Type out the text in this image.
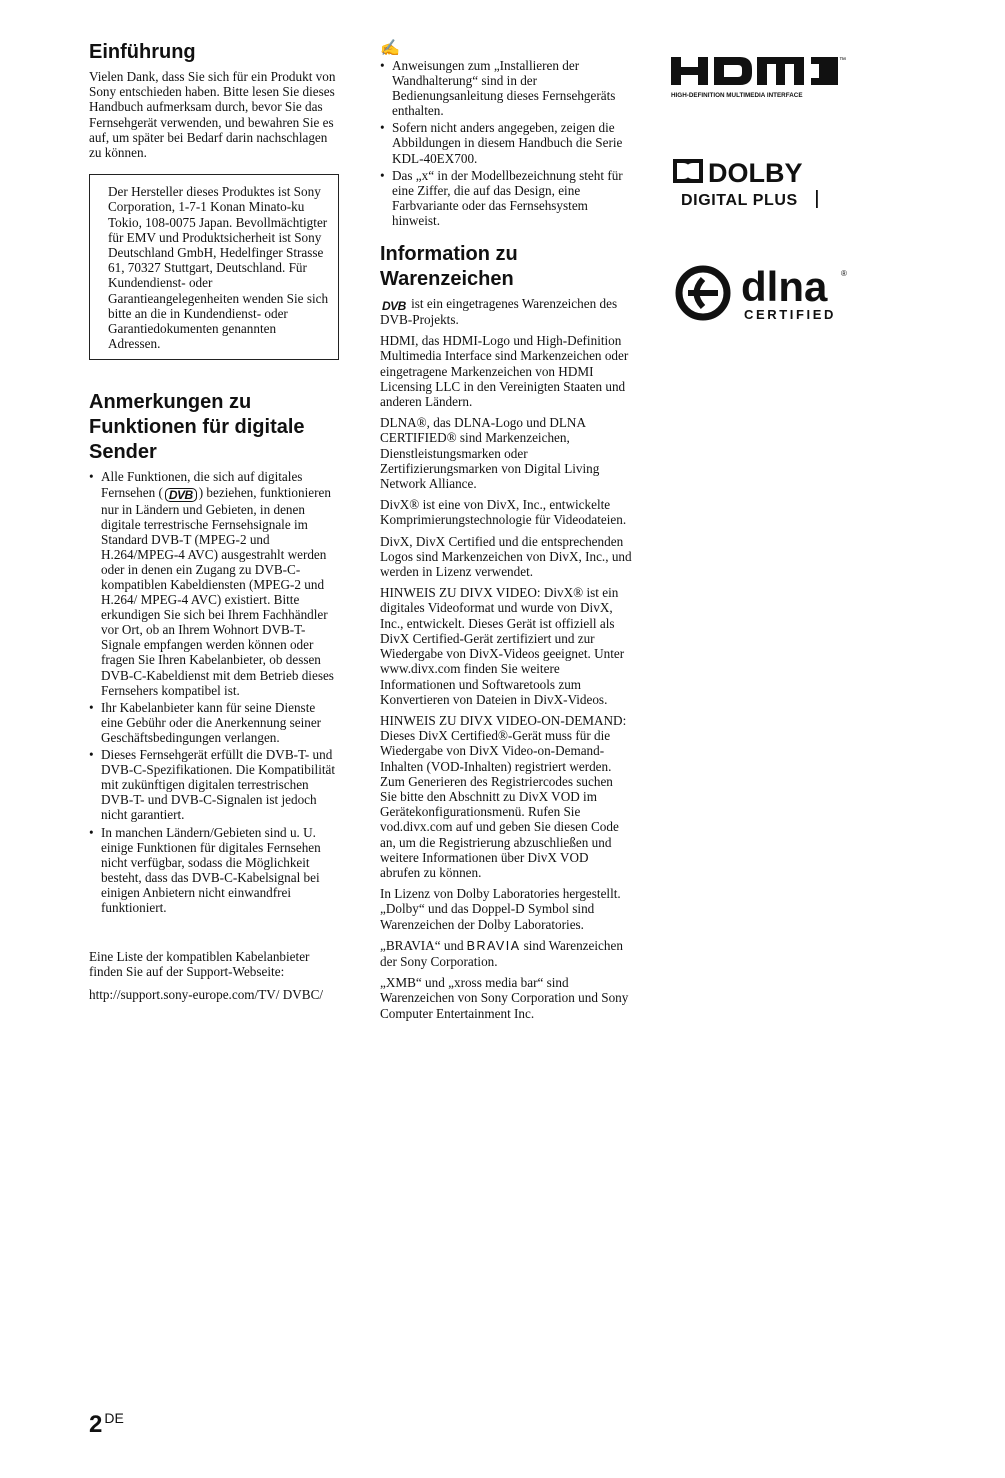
Einführung

Vielen Dank, dass Sie sich für ein Produkt von Sony entschieden haben. Bitte lesen Sie dieses Handbuch aufmerksam durch, bevor Sie das Fernsehgerät verwenden, und bewahren Sie es auf, um später bei Bedarf darin nachschlagen zu können.

Der Hersteller dieses Produktes ist Sony Corporation, 1-7-1 Konan Minato-ku Tokio, 108-0075 Japan. Bevollmächtigter für EMV und Produktsicherheit ist Sony Deutschland GmbH, Hedelfinger Strasse 61, 70327 Stuttgart, Deutschland. Für Kundendienst- oder Garantieangelegenheiten wenden Sie sich bitte an die in Kundendienst- oder Garantiedokumenten genannten Adressen.

Anmerkungen zu Funktionen für digitale Sender
• Alle Funktionen, die sich auf digitales Fernsehen ( DVB ) beziehen, funktionieren nur in Ländern und Gebieten, in denen digitale terrestrische Fernsehsignale im Standard DVB-T (MPEG-2 und H.264/MPEG-4 AVC) ausgestrahlt werden oder in denen ein Zugang zu DVB-C-kompatiblen Kabeldiensten (MPEG-2 und H.264/ MPEG-4 AVC) existiert. Bitte erkundigen Sie sich bei Ihrem Fachhändler vor Ort, ob an Ihrem Wohnort DVB-T-Signale empfangen werden können oder fragen Sie Ihren Kabelanbieter, ob dessen DVB-C-Kabeldienst mit dem Betrieb dieses Fernsehers kompatibel ist.
• Ihr Kabelanbieter kann für seine Dienste eine Gebühr oder die Anerkennung seiner Geschäftsbedingungen verlangen.
• Dieses Fernsehgerät erfüllt die DVB-T- und DVB-C-Spezifikationen. Die Kompatibilität mit zukünftigen digitalen terrestrischen DVB-T- und DVB-C-Signalen ist jedoch nicht garantiert.
• In manchen Ländern/Gebieten sind u. U. einige Funktionen für digitales Fernsehen nicht verfügbar, sodass die Möglichkeit besteht, dass das DVB-C-Kabelsignal bei einigen Anbietern nicht einwandfrei funktioniert.

Eine Liste der kompatiblen Kabelanbieter finden Sie auf der Support-Webseite:

http://support.sony-europe.com/TV/ DVBC/

✍
• Anweisungen zum „Installieren der Wandhalterung“ sind in der Bedienungsanleitung dieses Fernsehgeräts enthalten.
• Sofern nicht anders angegeben, zeigen die Abbildungen in diesem Handbuch die Serie KDL-40EX700.
• Das „x“ in der Modellbezeichnung steht für eine Ziffer, die auf das Design, eine Farbvariante oder das Fernsehsystem hinweist.
Information zu Warenzeichen

DVB ist ein eingetragenes Warenzeichen des DVB-Projekts.

HDMI, das HDMI-Logo und High-Definition Multimedia Interface sind Markenzeichen oder eingetragene Markenzeichen von HDMI Licensing LLC in den Vereinigten Staaten und anderen Ländern.

DLNA®, das DLNA-Logo und DLNA CERTIFIED® sind Markenzeichen, Dienstleistungsmarken oder Zertifizierungsmarken von Digital Living Network Alliance.

DivX® ist eine von DivX, Inc., entwickelte Komprimierungstechnologie für Videodateien.

DivX, DivX Certified und die entsprechenden Logos sind Markenzeichen von DivX, Inc., und werden in Lizenz verwendet.

HINWEIS ZU DIVX VIDEO: DivX® ist ein digitales Videoformat und wurde von DivX, Inc., entwickelt. Dieses Gerät ist offiziell als DivX Certified-Gerät zertifiziert und zur Wiedergabe von DivX-Videos geeignet. Unter www.divx.com finden Sie weitere Informationen und Softwaretools zum Konvertieren von Dateien in DivX-Videos.

HINWEIS ZU DIVX VIDEO-ON-DEMAND: Dieses DivX Certified®-Gerät muss für die Wiedergabe von DivX Video-on-Demand-Inhalten (VOD-Inhalten) registriert werden. Zum Generieren des Registriercodes suchen Sie bitte den Abschnitt zu DivX VOD im Gerätekonfigurationsmenü. Rufen Sie vod.divx.com auf und geben Sie diesen Code an, um die Registrierung abzuschließen und weitere Informationen über DivX VOD abrufen zu können.

In Lizenz von Dolby Laboratories hergestellt. „Dolby“ und das Doppel-D Symbol sind Warenzeichen der Dolby Laboratories.

„BRAVIA“ und BRAVIA sind Warenzeichen der Sony Corporation.

„XMB“ und „xross media bar“ sind Warenzeichen von Sony Corporation und Sony Computer Entertainment Inc.

™
HIGH-DEFINITION MULTIMEDIA INTERFACE
DOLBY
DIGITAL PLUS
dlna ®
CERTIFIED
2 DE
